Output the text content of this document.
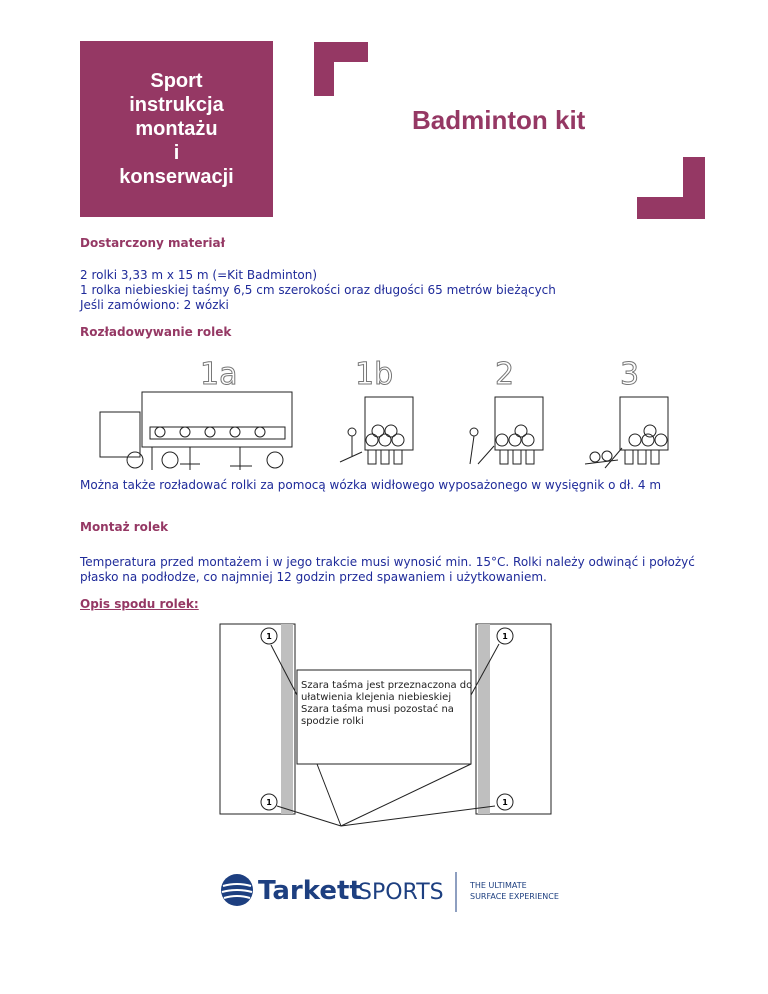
Sport
instrukcja
montażu
i
konserwacji
Badminton kit
Dostarczony materiał
2 rolki 3,33 m x 15 m (=Kit Badminton)
1 rolka niebieskiej taśmy 6,5 cm szerokości oraz długości 65 metrów bieżących
Jeśli zamówiono: 2 wózki
Rozładowywanie rolek
1a	1b	2	3
Można także rozładować rolki za pomocą wózka widłowego wyposażonego w wysięgnik o dł. 4 m
Montaż rolek
Temperatura przed montażem i w jego trakcie musi wynosić min. 15°C. Rolki należy odwinąć i położyć
płasko na podłodze, co najmniej 12 godzin przed spawaniem i użytkowaniem.
Opis spodu rolek:
1	1
1	1
Szara taśma jest przeznaczona do
ułatwienia klejenia niebieskiej
Szara taśma musi pozostać na
spodzie rolki
Tarkett
SPORTS	THE ULTIMATE
SURFACE EXPERIENCE
